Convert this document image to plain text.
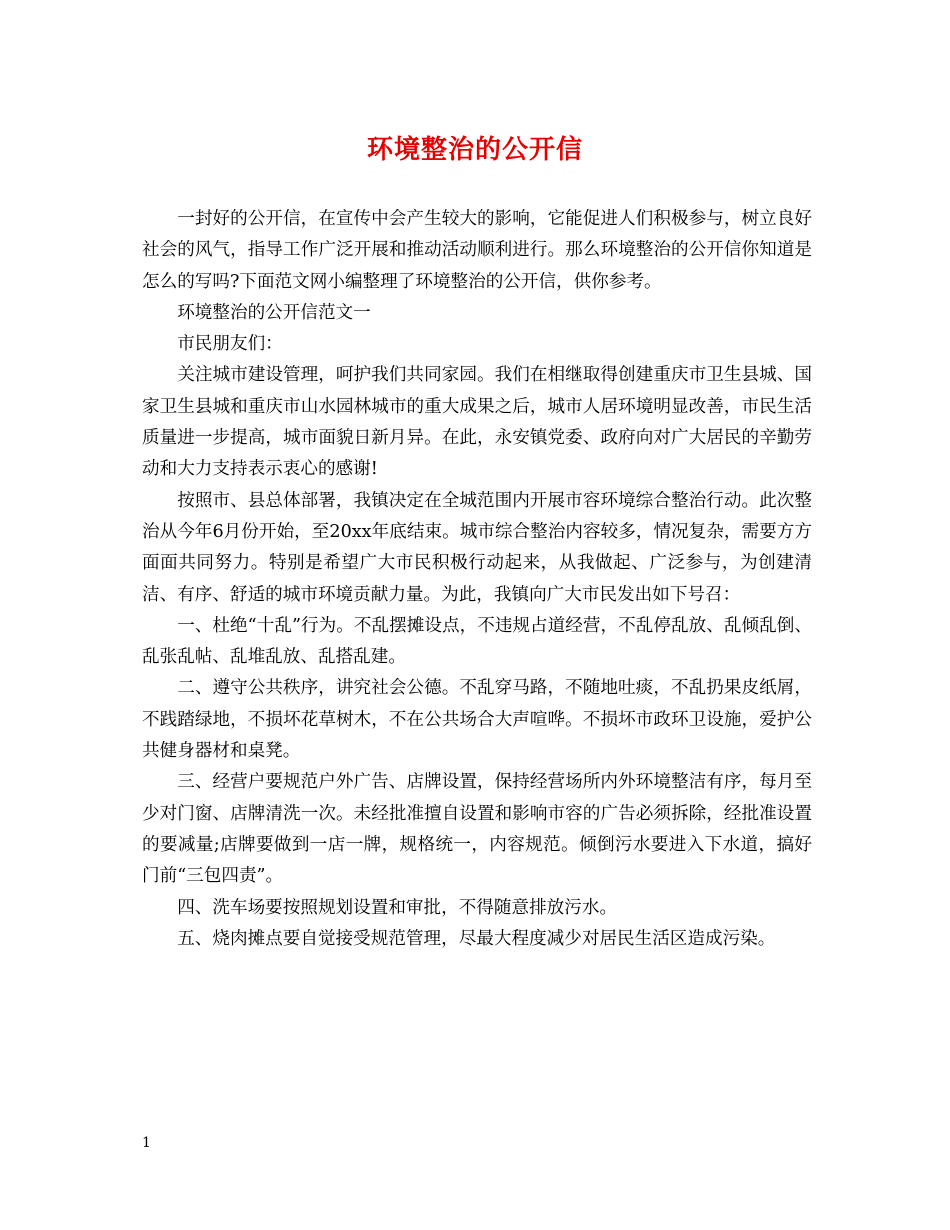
环境整治的公开信

一封好的公开信，在宣传中会产生较大的影响，它能促进人们积极参与，树立良好社会的风气，指导工作广泛开展和推动活动顺利进行。那么环境整治的公开信你知道是怎么的写吗?下面范文网小编整理了环境整治的公开信，供你参考。

环境整治的公开信范文一

市民朋友们：

关注城市建设管理，呵护我们共同家园。我们在相继取得创建重庆市卫生县城、国家卫生县城和重庆市山水园林城市的重大成果之后，城市人居环境明显改善，市民生活质量进一步提高，城市面貌日新月异。在此，永安镇党委、政府向对广大居民的辛勤劳动和大力支持表示衷心的感谢!

按照市、县总体部署，我镇决定在全城范围内开展市容环境综合整治行动。此次整治从今年6月份开始，至20xx年底结束。城市综合整治内容较多，情况复杂，需要方方面面共同努力。特别是希望广大市民积极行动起来，从我做起、广泛参与，为创建清洁、有序、舒适的城市环境贡献力量。为此，我镇向广大市民发出如下号召：

一、杜绝“十乱”行为。不乱摆摊设点，不违规占道经营，不乱停乱放、乱倾乱倒、乱张乱帖、乱堆乱放、乱搭乱建。

二、遵守公共秩序，讲究社会公德。不乱穿马路，不随地吐痰，不乱扔果皮纸屑，不践踏绿地，不损坏花草树木，不在公共场合大声喧哗。不损坏市政环卫设施，爱护公共健身器材和桌凳。

三、经营户要规范户外广告、店牌设置，保持经营场所内外环境整洁有序，每月至少对门窗、店牌清洗一次。未经批准擅自设置和影响市容的广告必须拆除，经批准设置的要减量;店牌要做到一店一牌，规格统一，内容规范。倾倒污水要进入下水道，搞好门前“三包四责”。

四、洗车场要按照规划设置和审批，不得随意排放污水。

五、烧肉摊点要自觉接受规范管理，尽最大程度减少对居民生活区造成污染。

1
